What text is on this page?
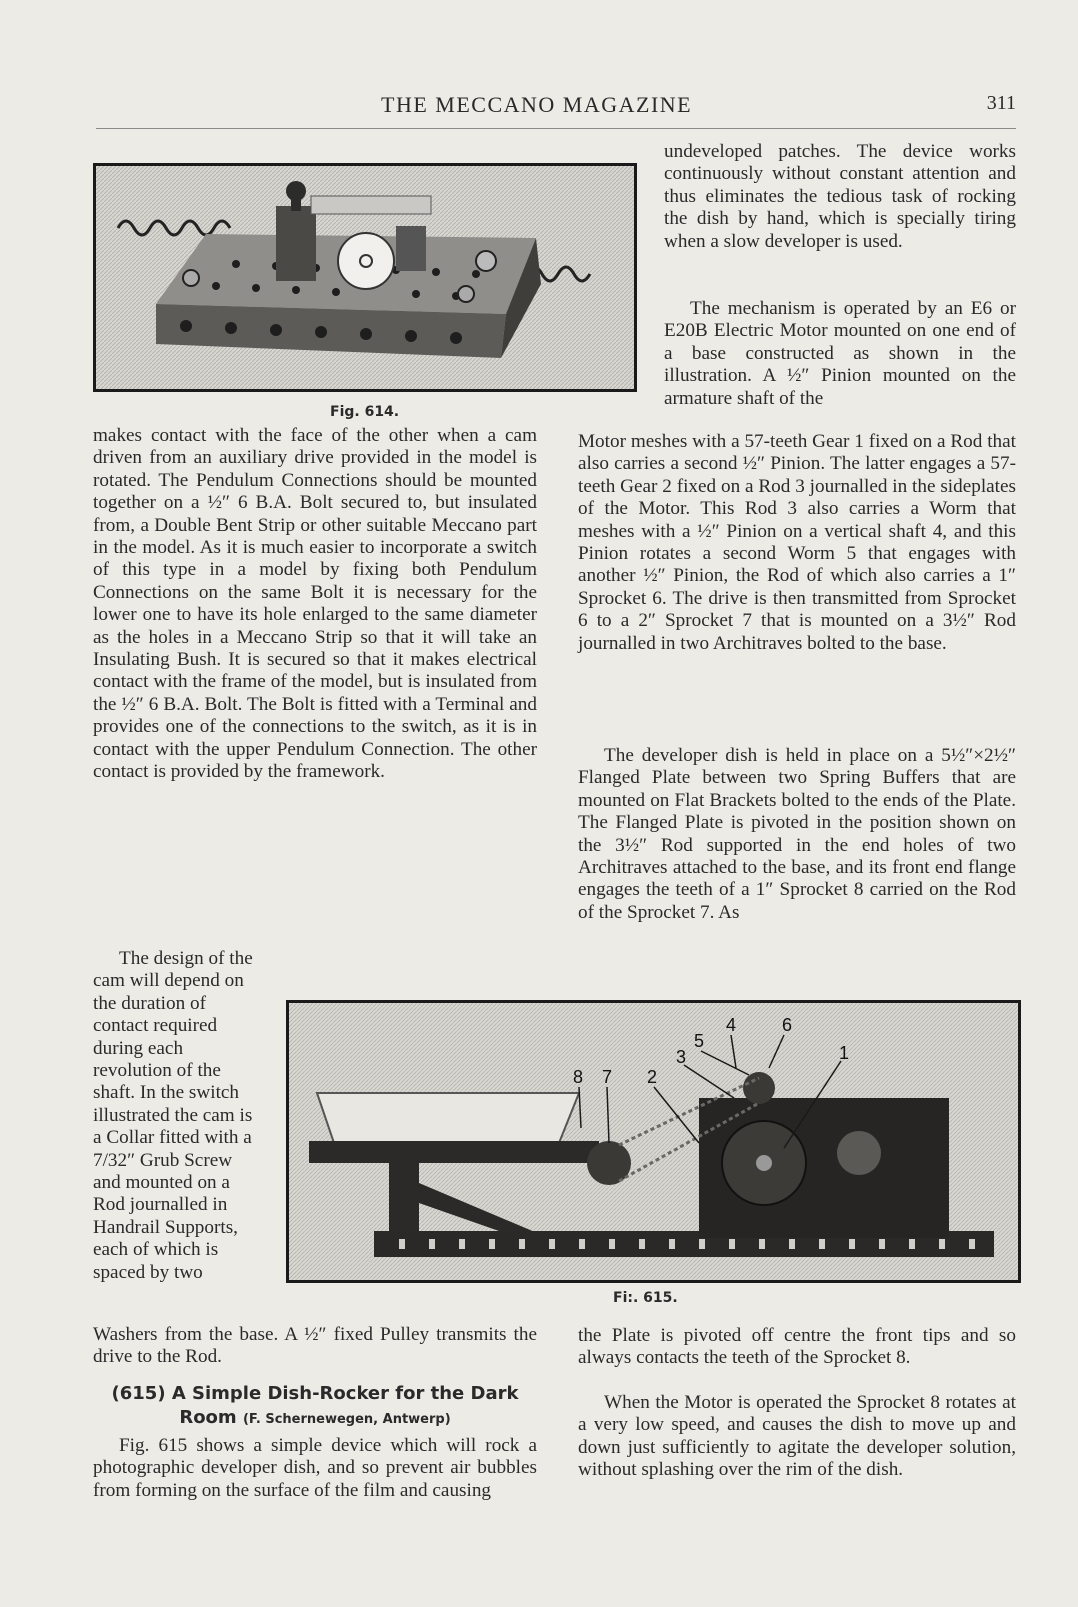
THE MECCANO MAGAZINE	311
Fig. 614.

undeveloped patches. The device works continuously without constant attention and thus eliminates the tedious task of rocking the dish by hand, which is specially tiring when a slow developer is used.

The mechanism is operated by an E6 or E20B Electric Motor mounted on one end of a base constructed as shown in the illustration. A ½″ Pinion mounted on the armature shaft of the

makes contact with the face of the other when a cam driven from an auxiliary drive provided in the model is rotated. The Pendulum Connections should be mounted together on a ½″ 6 B.A. Bolt secured to, but insulated from, a Double Bent Strip or other suitable Meccano part in the model. As it is much easier to incorporate a switch of this type in a model by fixing both Pendulum Connections on the same Bolt it is necessary for the lower one to have its hole enlarged to the same diameter as the holes in a Meccano Strip so that it will take an Insulating Bush. It is secured so that it makes electrical contact with the frame of the model, but is insulated from the ½″ 6 B.A. Bolt. The Bolt is fitted with a Terminal and provides one of the connections to the switch, as it is in contact with the upper Pendulum Connection. The other contact is provided by the framework.

The design of the cam will depend on the duration of contact required during each revolution of the shaft. In the switch illustrated the cam is a Collar fitted with a 7/32″ Grub Screw and mounted on a Rod journalled in Handrail Supports, each of which is spaced by two

Washers from the base. A ½″ fixed Pulley transmits the drive to the Rod.

(615) A Simple Dish-Rocker for the Dark Room (F. Schernewegen, Antwerp)

Fig. 615 shows a simple device which will rock a photographic developer dish, and so prevent air bubbles from forming on the surface of the film and causing

Motor meshes with a 57-teeth Gear 1 fixed on a Rod that also carries a second ½″ Pinion. The latter engages a 57-teeth Gear 2 fixed on a Rod 3 journalled in the sideplates of the Motor. This Rod 3 also carries a Worm that meshes with a ½″ Pinion on a vertical shaft 4, and this Pinion rotates a second Worm 5 that engages with another ½″ Pinion, the Rod of which also carries a 1″ Sprocket 6. The drive is then transmitted from Sprocket 6 to a 2″ Sprocket 7 that is mounted on a 3½″ Rod journalled in two Architraves bolted to the base.

The developer dish is held in place on a 5½″×2½″ Flanged Plate between two Spring Buffers that are mounted on Flat Brackets bolted to the ends of the Plate. The Flanged Plate is pivoted in the position shown on the 3½″ Rod supported in the end holes of two Architraves attached to the base, and its front end flange engages the teeth of a 1″ Sprocket 8 carried on the Rod of the Sprocket 7. As

8 7 2
3
5
4	6
1
Fi:. 615.

the Plate is pivoted off centre the front tips and so always contacts the teeth of the Sprocket 8.

When the Motor is operated the Sprocket 8 rotates at a very low speed, and causes the dish to move up and down just sufficiently to agitate the developer solution, without splashing over the rim of the dish.
